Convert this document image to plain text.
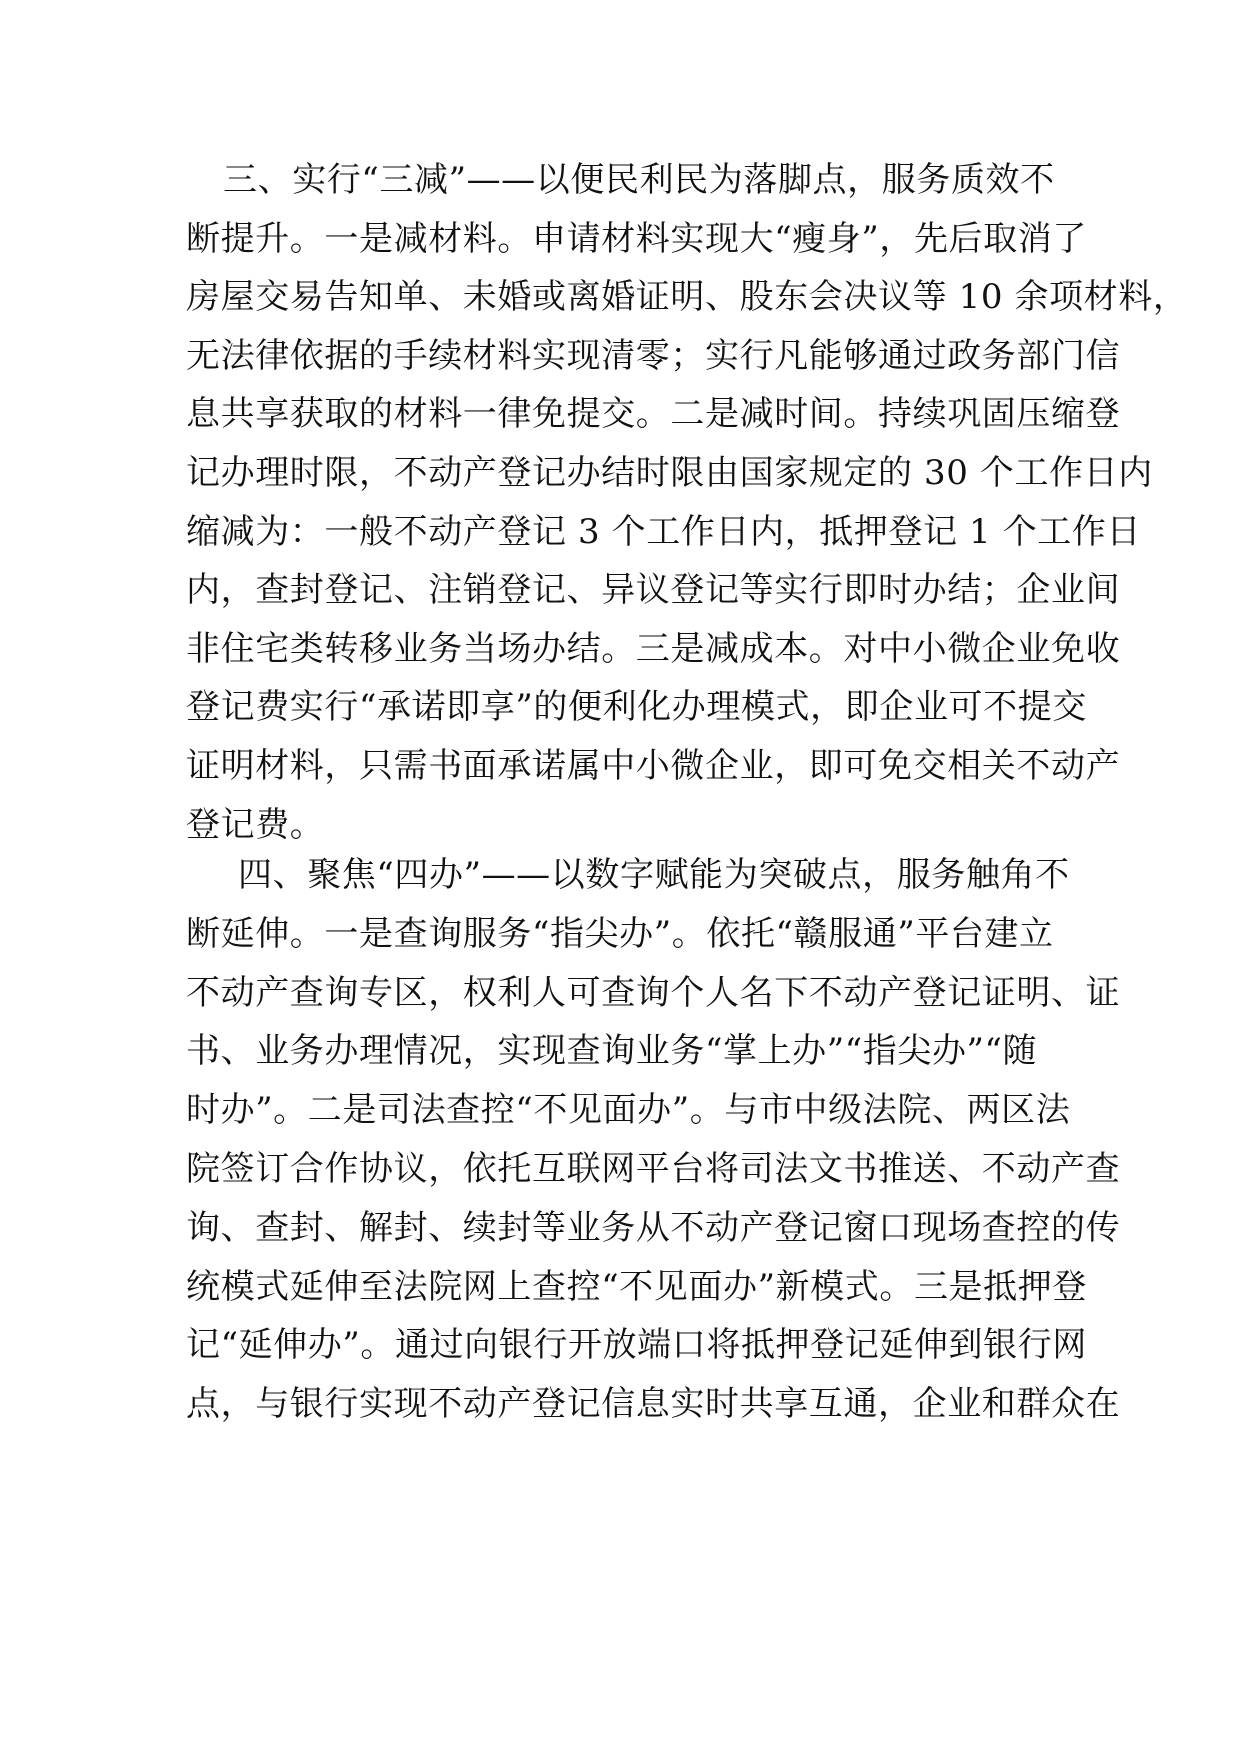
三、实行“三减”——以便民利民为落脚点，服务质效不
断提升。一是减材料。申请材料实现大“瘦身”，先后取消了
房屋交易告知单、未婚或离婚证明、股东会决议等 10 余项材料，
无法律依据的手续材料实现清零；实行凡能够通过政务部门信
息共享获取的材料一律免提交。二是减时间。持续巩固压缩登
记办理时限，不动产登记办结时限由国家规定的 30 个工作日内
缩减为：一般不动产登记 3 个工作日内，抵押登记 1 个工作日
内，查封登记、注销登记、异议登记等实行即时办结；企业间
非住宅类转移业务当场办结。三是减成本。对中小微企业免收
登记费实行“承诺即享”的便利化办理模式，即企业可不提交
证明材料，只需书面承诺属中小微企业，即可免交相关不动产
登记费。
四、聚焦“四办”——以数字赋能为突破点，服务触角不
断延伸。一是查询服务“指尖办”。依托“赣服通”平台建立
不动产查询专区，权利人可查询个人名下不动产登记证明、证
书、业务办理情况，实现查询业务“掌上办”“指尖办”“随
时办”。二是司法查控“不见面办”。与市中级法院、两区法
院签订合作协议，依托互联网平台将司法文书推送、不动产查
询、查封、解封、续封等业务从不动产登记窗口现场查控的传
统模式延伸至法院网上查控“不见面办”新模式。三是抵押登
记“延伸办”。通过向银行开放端口将抵押登记延伸到银行网
点，与银行实现不动产登记信息实时共享互通，企业和群众在
